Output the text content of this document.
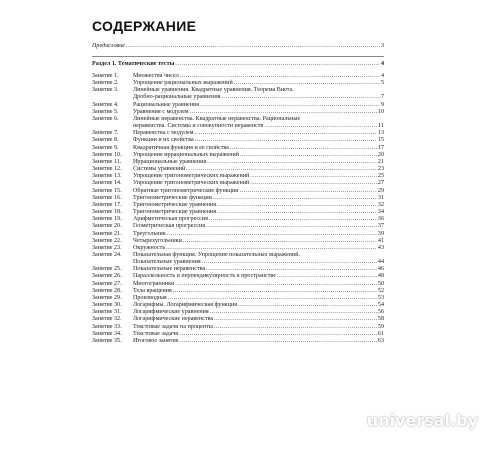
СОДЕРЖАНИЕ
Предисловие .....	3
Раздел 1. Тематические тесты .....	4
Занятие 1.	Множества чисел .....	4
Занятие 2.	Упрощение рациональных выражений .....	5
Занятие 3.	Линейные уравнения. Квадратные уравнения. Теорема Виета.
Дробно-рациональные уравнения .....	7
Занятие 4.	Рациональные уравнения .....	9
Занятие 5.	Уравнения с модулем .....	10
Занятие 6.	Линейные неравенства. Квадратные неравенства. Рациональные
неравенства. Системы и совокупности неравенств .....	11
Занятие 7.	Неравенства с модулем .....	13
Занятие 8.	Функции и их свойства .....	15
Занятие 9.	Квадратичная функция и ее свойства .....	17
Занятие 10.	Упрощение иррациональных выражений .....	20
Занятие 11.	Иррациональные уравнения .....	21
Занятие 12.	Системы уравнений .....	23
Занятие 13.	Упрощение тригонометрических выражений .....	25
Занятие 14.	Упрощение тригонометрических выражений .....	27
Занятие 15.	Обратные тригонометрические функции .....	29
Занятие 16.	Тригонометрические функции .....	31
Занятие 17.	Тригонометрические уравнения .....	32
Занятие 18.	Тригонометрические уравнения .....	34
Занятие 19.	Арифметическая прогрессия .....	36
Занятие 20.	Геометрическая прогрессия .....	37
Занятие 21.	Треугольник .....	39
Занятие 22.	Четырехугольники .....	41
Занятие 23.	Окружность .....	43
Занятие 24.	Показательная функция. Упрощение показательных выражений.
Показательные уравнения .....	44
Занятие 25.	Показательные неравенства .....	46
Занятие 26.	Параллельность и перпендикулярность в пространстве .....	48
Занятие 27.	Многогранники .....	50
Занятие 28.	Тела вращения .....	52
Занятие 29.	Производная .....	53
Занятие 30.	Логарифмы. Логарифмическая функция .....	54
Занятие 31.	Логарифмические уравнения .....	56
Занятие 32.	Логарифмические неравенства .....	58
Занятие 33.	Текстовые задачи на проценты .....	59
Занятие 34.	Текстовые задачи .....	61
Занятие 35.	Итоговое занятие .....	63
universal.by
